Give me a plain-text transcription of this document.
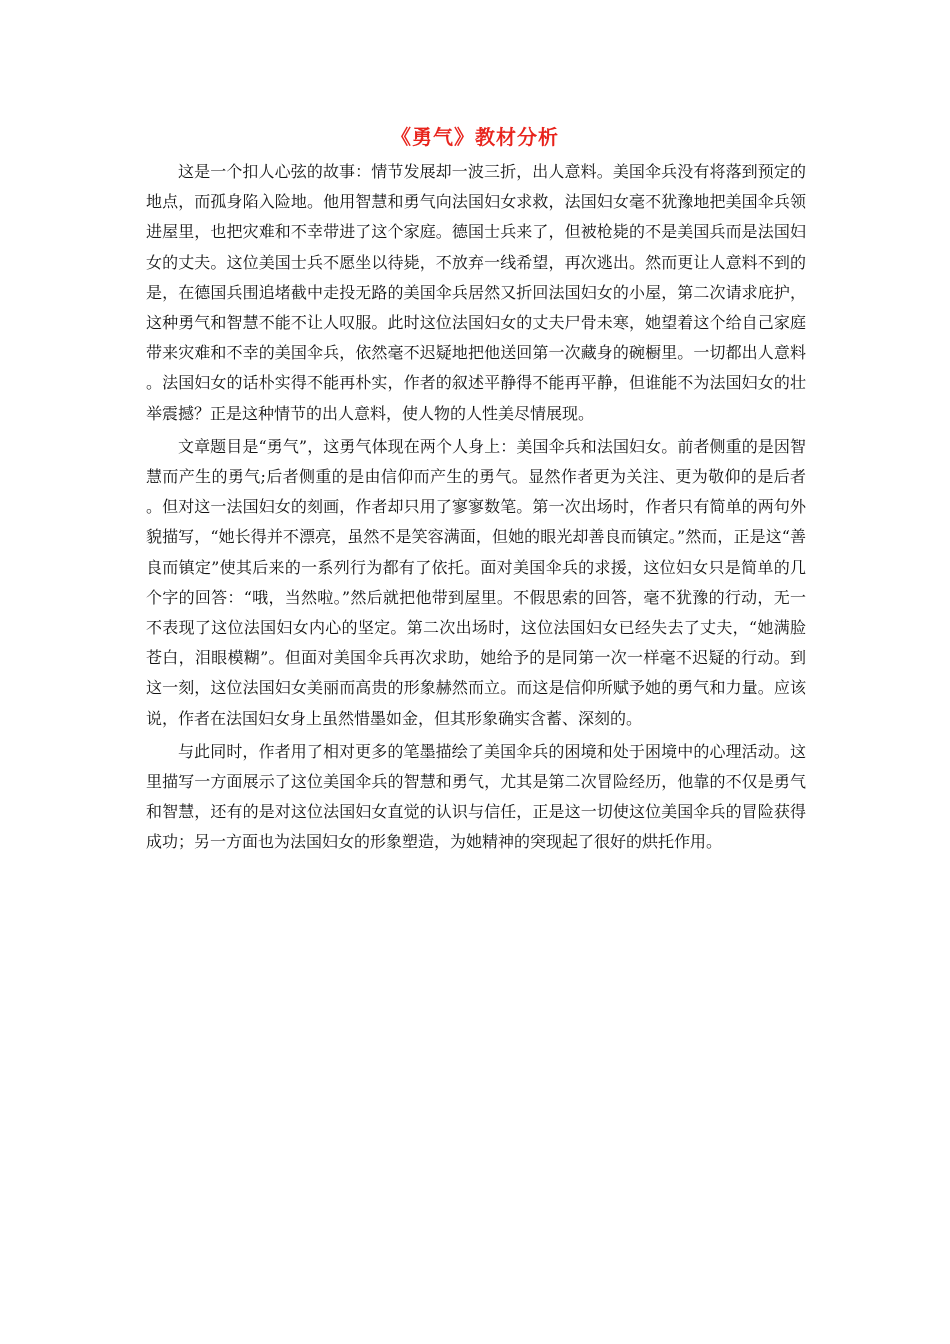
《勇气》教材分析

这是一个扣人心弦的故事：情节发展却一波三折，出人意料。美国伞兵没有将落到预定的地点，而孤身陷入险地。他用智慧和勇气向法国妇女求救，法国妇女毫不犹豫地把美国伞兵领进屋里，也把灾难和不幸带进了这个家庭。德国士兵来了，但被枪毙的不是美国兵而是法国妇女的丈夫。这位美国士兵不愿坐以待毙，不放弃一线希望，再次逃出。然而更让人意料不到的是，在德国兵围追堵截中走投无路的美国伞兵居然又折回法国妇女的小屋，第二次请求庇护，这种勇气和智慧不能不让人叹服。此时这位法国妇女的丈夫尸骨未寒，她望着这个给自己家庭带来灾难和不幸的美国伞兵，依然毫不迟疑地把他送回第一次藏身的碗橱里。一切都出人意料。法国妇女的话朴实得不能再朴实，作者的叙述平静得不能再平静，但谁能不为法国妇女的壮举震撼？正是这种情节的出人意料，使人物的人性美尽情展现。

文章题目是“勇气”，这勇气体现在两个人身上：美国伞兵和法国妇女。前者侧重的是因智慧而产生的勇气;后者侧重的是由信仰而产生的勇气。显然作者更为关注、更为敬仰的是后者。但对这一法国妇女的刻画，作者却只用了寥寥数笔。第一次出场时，作者只有简单的两句外貌描写，“她长得并不漂亮，虽然不是笑容满面，但她的眼光却善良而镇定。”然而，正是这“善良而镇定”使其后来的一系列行为都有了依托。面对美国伞兵的求援，这位妇女只是简单的几个字的回答：“哦，当然啦。”然后就把他带到屋里。不假思索的回答，毫不犹豫的行动，无一不表现了这位法国妇女内心的坚定。第二次出场时，这位法国妇女已经失去了丈夫，“她满脸苍白，泪眼模糊”。但面对美国伞兵再次求助，她给予的是同第一次一样毫不迟疑的行动。到这一刻，这位法国妇女美丽而高贵的形象赫然而立。而这是信仰所赋予她的勇气和力量。应该说，作者在法国妇女身上虽然惜墨如金，但其形象确实含蓄、深刻的。

与此同时，作者用了相对更多的笔墨描绘了美国伞兵的困境和处于困境中的心理活动。这里描写一方面展示了这位美国伞兵的智慧和勇气，尤其是第二次冒险经历，他靠的不仅是勇气和智慧，还有的是对这位法国妇女直觉的认识与信任，正是这一切使这位美国伞兵的冒险获得成功；另一方面也为法国妇女的形象塑造，为她精神的突现起了很好的烘托作用。
